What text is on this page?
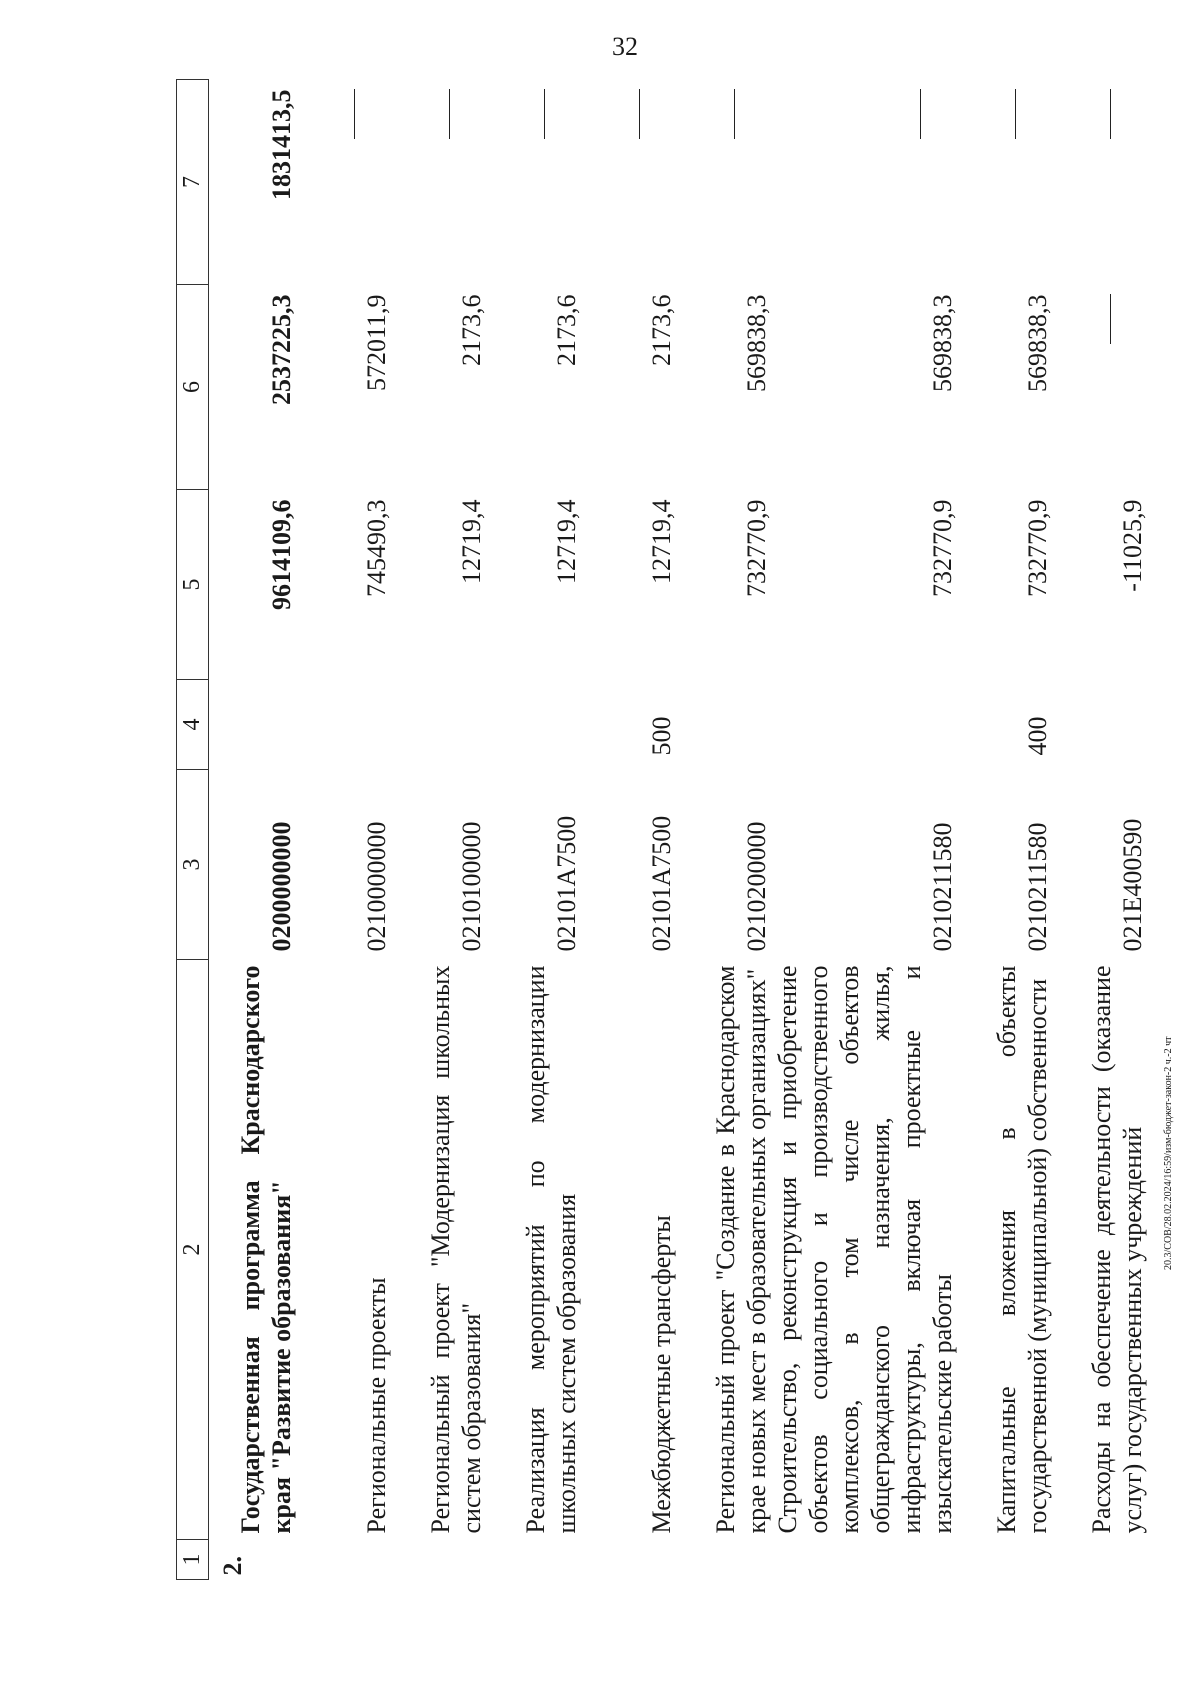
32
1	2	3	4	5	6	7
2.	Государственная программа Краснодарского края "Развитие образования"	0200000000		9614109,6	2537225,3	1831413,5
	Региональные проекты	0210000000		745490,3	572011,9	
	Региональный проект "Модернизация школьных систем образования"	0210100000		12719,4	2173,6	
	Реализация мероприятий по модернизации школьных систем образования	02101A7500		12719,4	2173,6	
	Межбюджетные трансферты	02101A7500	500	12719,4	2173,6	
	Региональный проект "Создание в Краснодарском крае новых мест в образовательных организациях"	0210200000		732770,9	569838,3	
	Строительство, реконструкция и приобретение объектов социального и производственного комплексов, в том числе объектов общегражданского назначения, жилья, инфраструктуры, включая проектные и изыскательские работы	0210211580		732770,9	569838,3	
	Капитальные вложения в объекты государственной (муниципальной) собственности	0210211580	400	732770,9	569838,3	
	Расходы на обеспечение деятельности (оказание услуг) государственных учреждений	021E400590		-11025,9		
20.3/СОВ/28.02.2024/16:59/изм-бюджет-закон-2 ч.-2 чт
